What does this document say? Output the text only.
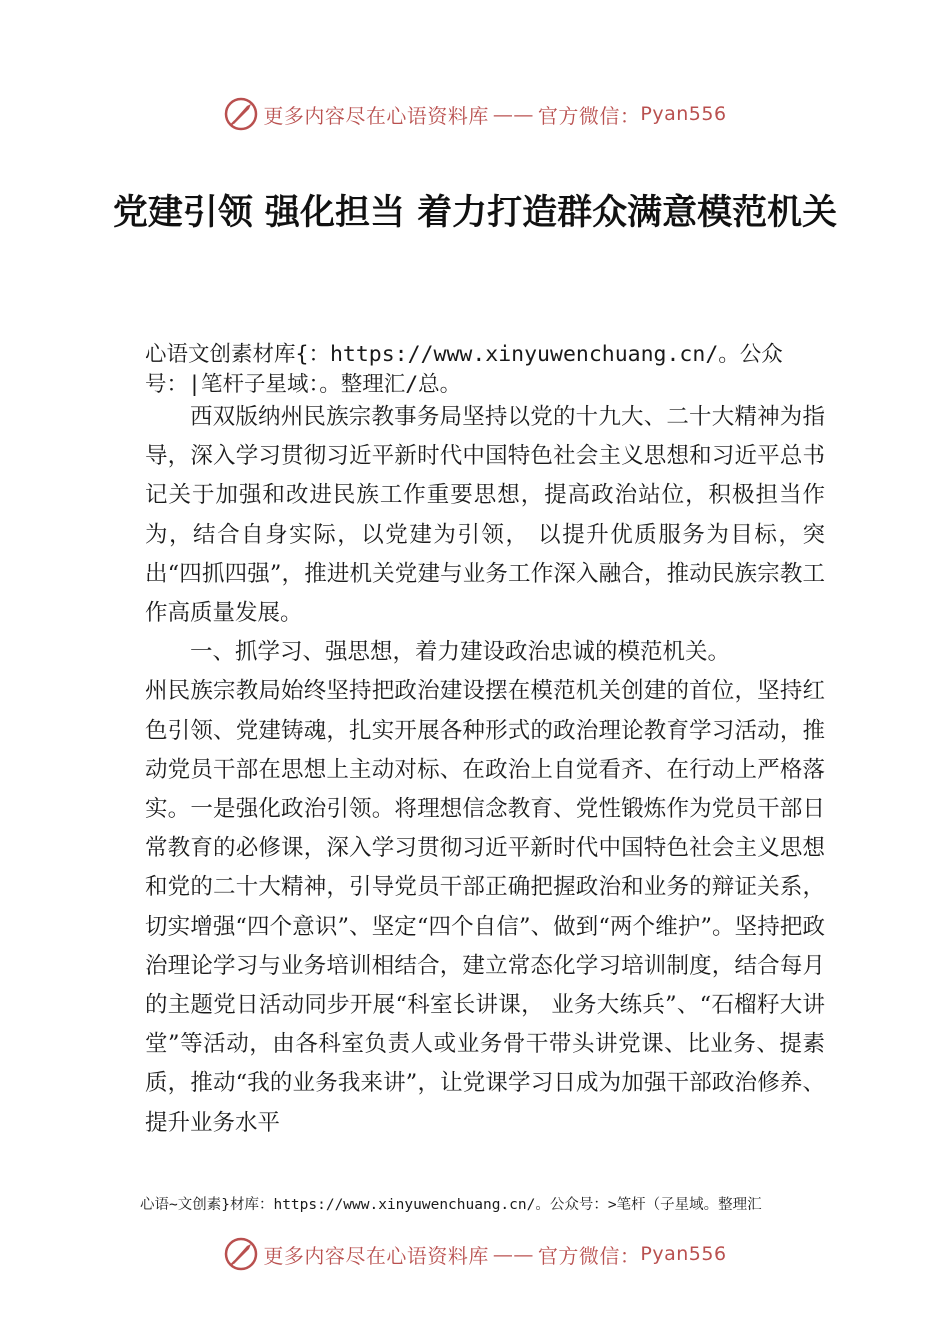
更多内容尽在心语资料库 —— 官方微信： Pyan556
党建引领 强化担当 着力打造群众满意模范机关
心语文创素材库{：https://www.xinyuwenchuang.cn/。公众号：|笔杆子星域：。整理汇/总。

西双版纳州民族宗教事务局坚持以党的十九大、二十大精神为指导，深入学习贯彻习近平新时代中国特色社会主义思想和习近平总书记关于加强和改进民族工作重要思想，提高政治站位，积极担当作为，结合自身实际，以党建为引领， 以提升优质服务为目标，突出“四抓四强”，推进机关党建与业务工作深入融合，推动民族宗教工作高质量发展。

一、抓学习、强思想，着力建设政治忠诚的模范机关。

州民族宗教局始终坚持把政治建设摆在模范机关创建的首位，坚持红色引领、党建铸魂，扎实开展各种形式的政治理论教育学习活动，推动党员干部在思想上主动对标、在政治上自觉看齐、在行动上严格落实。一是强化政治引领。将理想信念教育、党性锻炼作为党员干部日常教育的必修课，深入学习贯彻习近平新时代中国特色社会主义思想和党的二十大精神，引导党员干部正确把握政治和业务的辩证关系， 切实增强“四个意识”、坚定“四个自信”、做到“两个维护”。坚持把政治理论学习与业务培训相结合，建立常态化学习培训制度，结合每月的主题党日活动同步开展“科室长讲课， 业务大练兵”、“石榴籽大讲堂”等活动，由各科室负责人或业务骨干带头讲党课、比业务、提素质，推动“我的业务我来讲”，让党课学习日成为加强干部政治修养、提升业务水平

心语~文创素}材库：https://www.xinyuwenchuang.cn/。公众号：>笔杆（子星域。整理汇
更多内容尽在心语资料库 —— 官方微信： Pyan556
